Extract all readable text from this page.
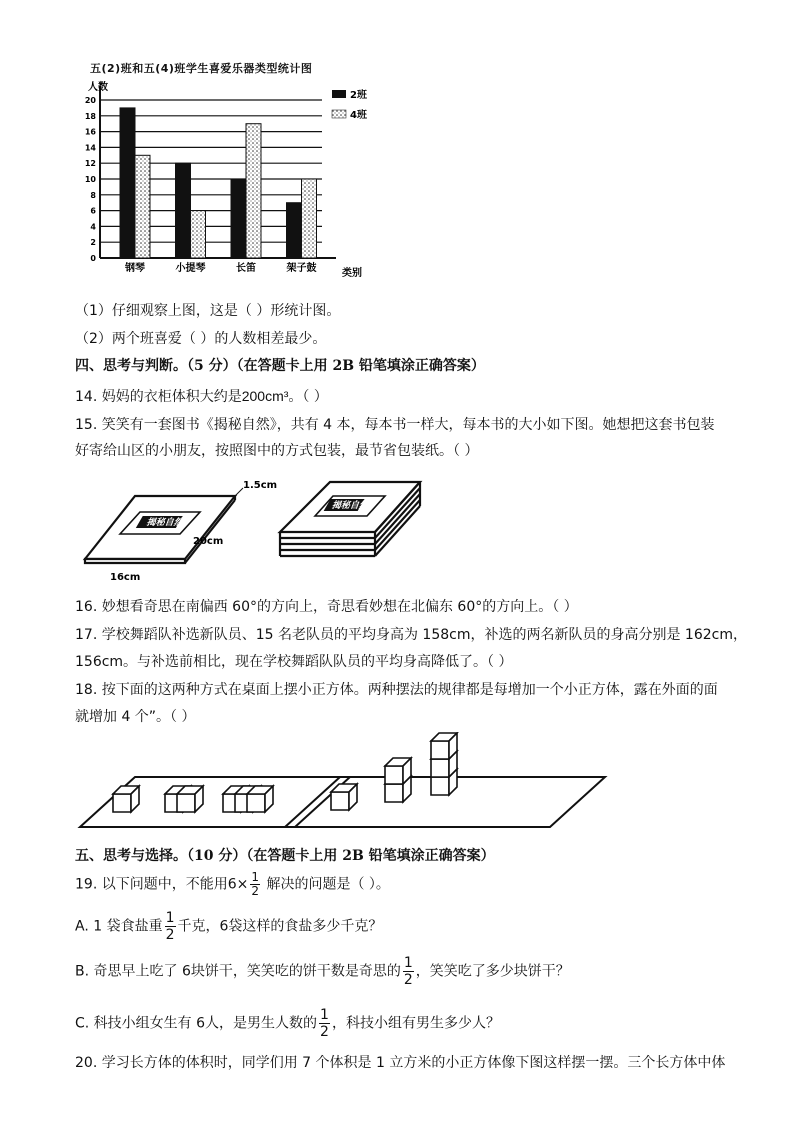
五(2)班和五(4)班学生喜爱乐器类型统计图
0
2
4
6
8
10
12
14
16
18
20
钢琴	小提琴	长笛	架子鼓
人数
类别
2班
4班
（1）仔细观察上图，这是（ ）形统计图。
（2）两个班喜爱（ ）的人数相差最少。
四、思考与判断。（5 分）（在答题卡上用 2B 铅笔填涂正确答案）
14. 妈妈的衣柜体积大约是200cm³。（ ）
15. 笑笑有一套图书《揭秘自然》，共有 4 本，每本书一样大，每本书的大小如下图。她想把这套书包装
好寄给山区的小朋友，按照图中的方式包装，最节省包装纸。（ ）
揭秘自然
1.5cm
20cm
16cm
揭秘自然
16. 妙想看奇思在南偏西 60°的方向上，奇思看妙想在北偏东 60°的方向上。（ ）
17. 学校舞蹈队补选新队员、15 名老队员的平均身高为 158cm，补选的两名新队员的身高分别是 162cm，
156cm。与补选前相比，现在学校舞蹈队队员的平均身高降低了。（ ）
18. 按下面的这两种方式在桌面上摆小正方体。两种摆法的规律都是每增加一个小正方体，露在外面的面
就增加 4 个”。（ ）
五、思考与选择。（10 分）（在答题卡上用 2B 铅笔填涂正确答案）
19. 以下问题中，不能用$6\times \frac{1}{2}$ 解决的问题是（ ）。
A. 1 袋食盐重 $\frac{1}{2}$ 千克，6袋这样的食盐多少千克？
B. 奇思早上吃了 6块饼干，笑笑吃的饼干数是奇思的 $\frac{1}{2}$ ，笑笑吃了多少块饼干？
C. 科技小组女生有 6人，是男生人数的 $\frac{1}{2}$ ，科技小组有男生多少人？
20. 学习长方体的体积时，同学们用 7 个体积是 1 立方米的小正方体像下图这样摆一摆。三个长方体中体
